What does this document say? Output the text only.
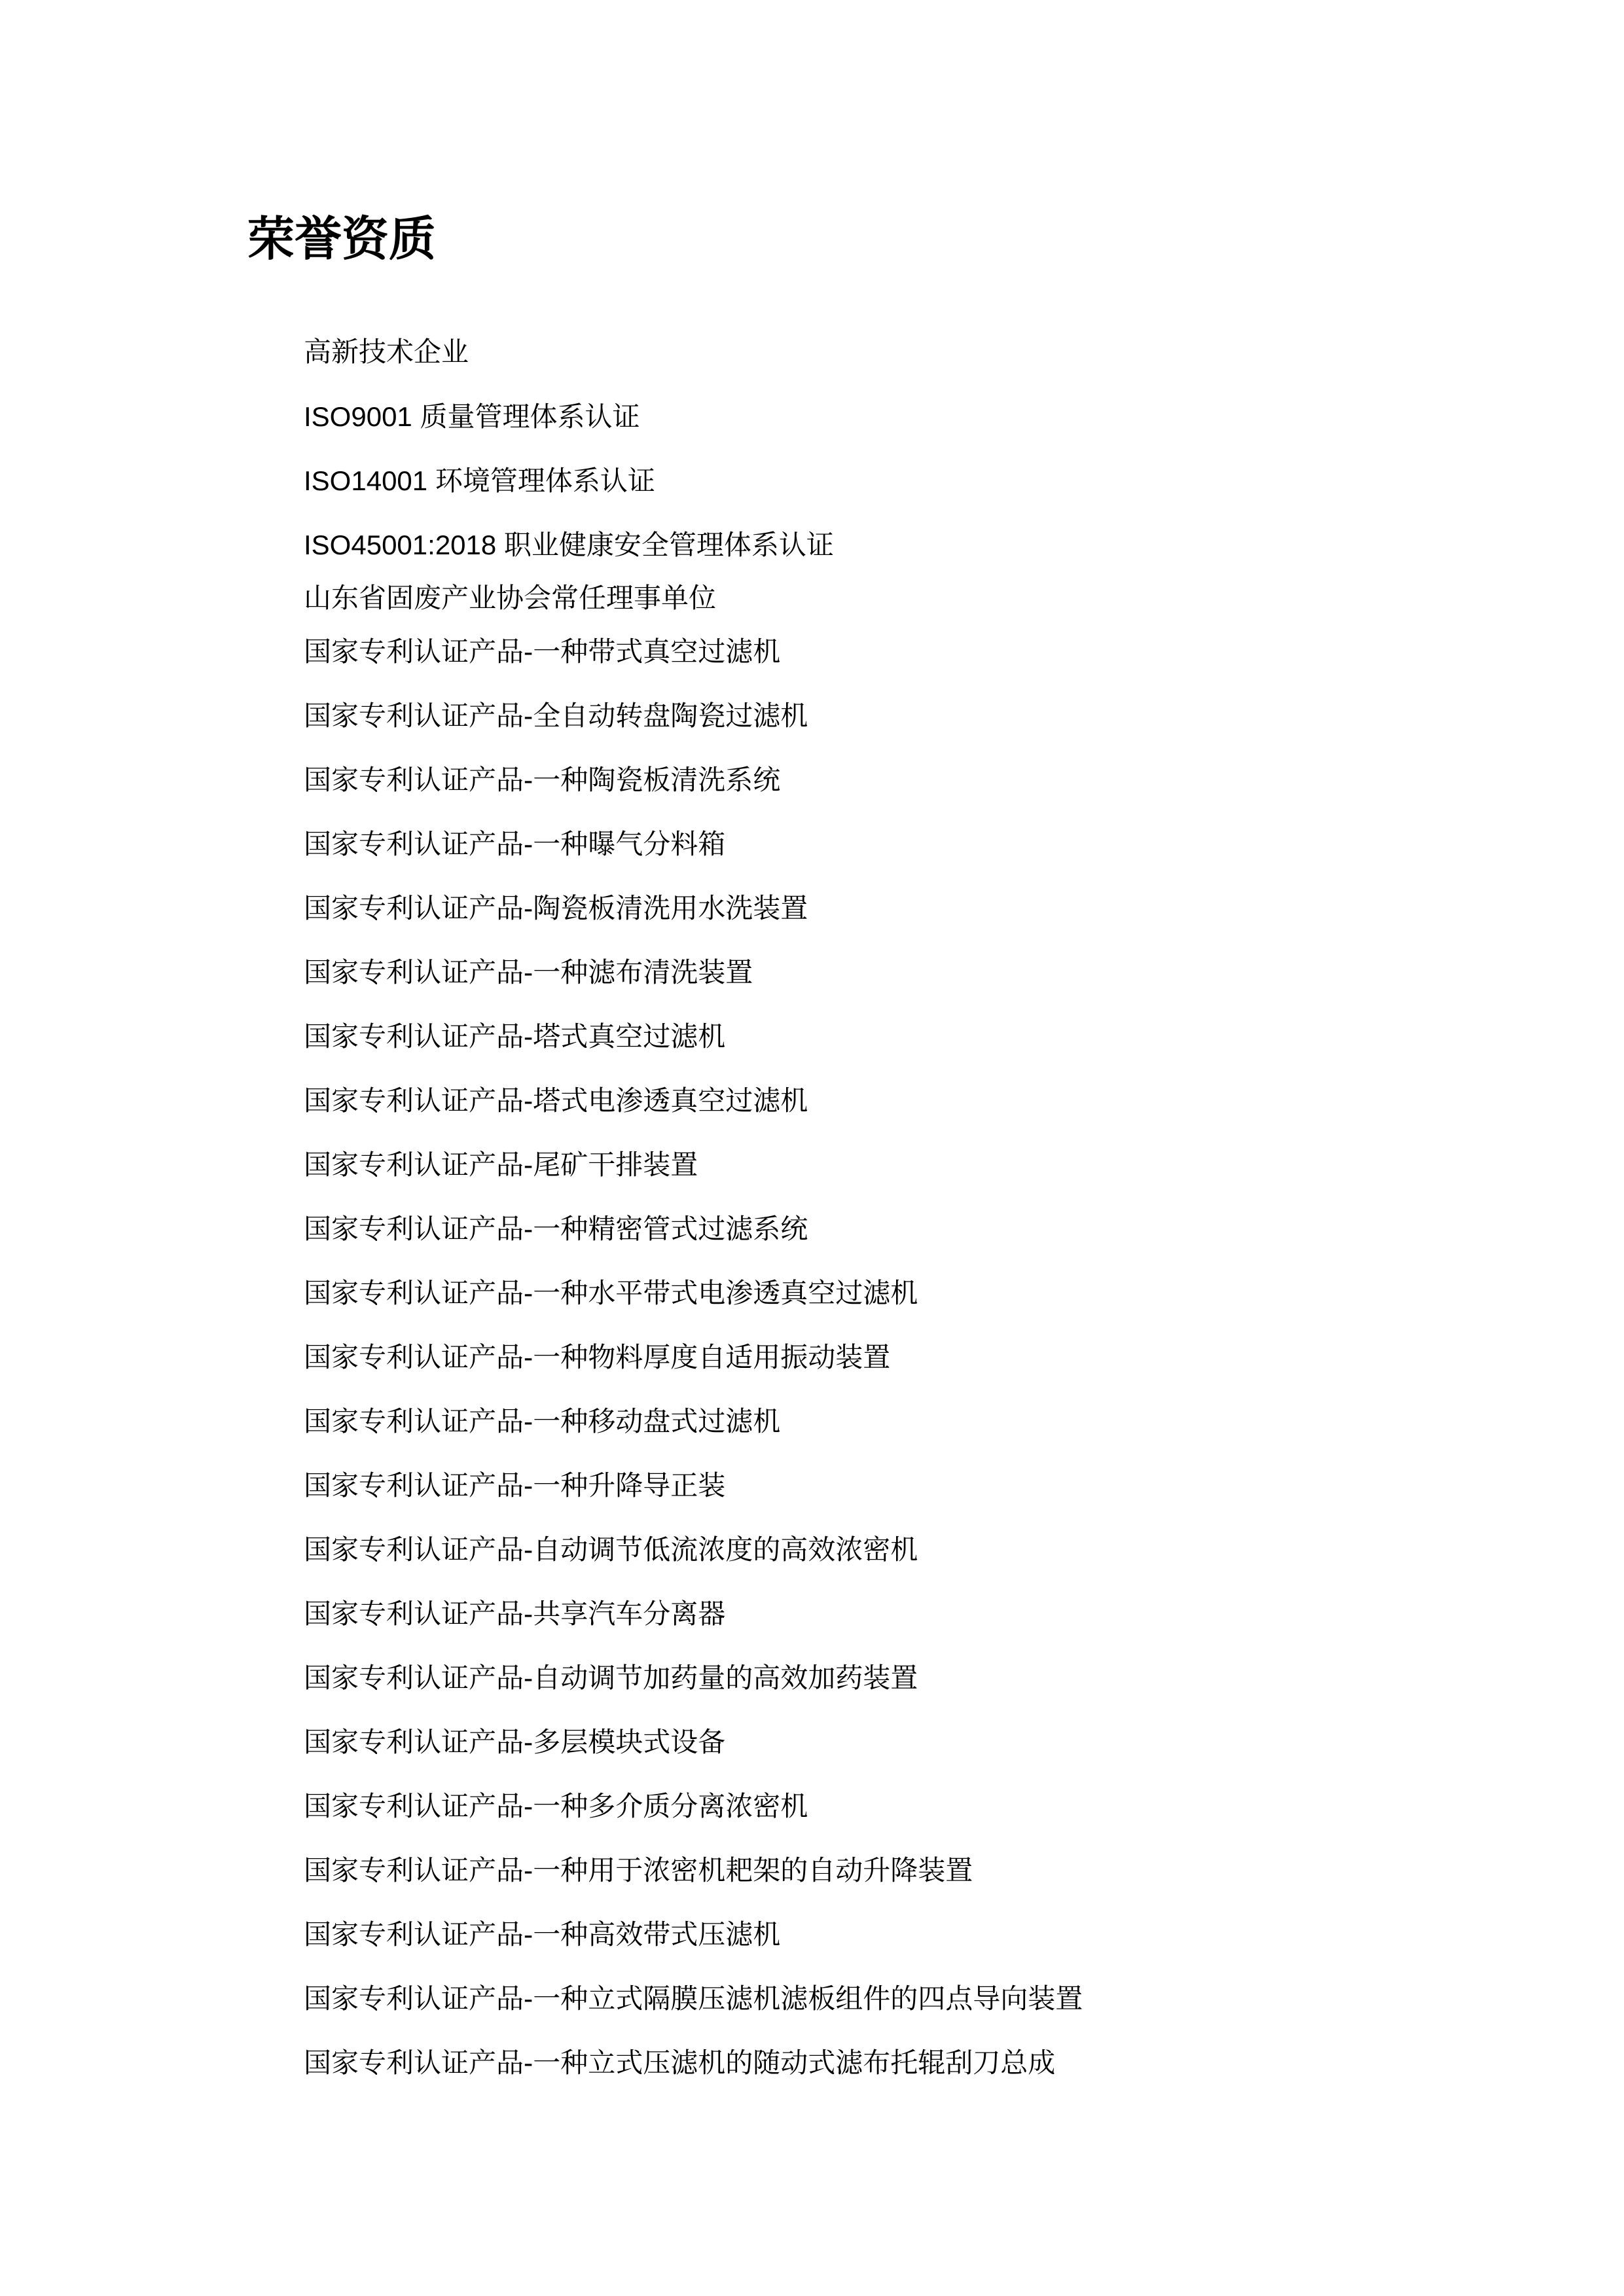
荣誉资质
高新技术企业
ISO9001 质量管理体系认证
ISO14001 环境管理体系认证
ISO45001:2018 职业健康安全管理体系认证
山东省固废产业协会常任理事单位
国家专利认证产品-一种带式真空过滤机
国家专利认证产品-全自动转盘陶瓷过滤机
国家专利认证产品-一种陶瓷板清洗系统
国家专利认证产品-一种曝气分料箱
国家专利认证产品-陶瓷板清洗用水洗装置
国家专利认证产品-一种滤布清洗装置
国家专利认证产品-塔式真空过滤机
国家专利认证产品-塔式电渗透真空过滤机
国家专利认证产品-尾矿干排装置
国家专利认证产品-一种精密管式过滤系统
国家专利认证产品-一种水平带式电渗透真空过滤机
国家专利认证产品-一种物料厚度自适用振动装置
国家专利认证产品-一种移动盘式过滤机
国家专利认证产品-一种升降导正装
国家专利认证产品-自动调节低流浓度的高效浓密机
国家专利认证产品-共享汽车分离器
国家专利认证产品-自动调节加药量的高效加药装置
国家专利认证产品-多层模块式设备
国家专利认证产品-一种多介质分离浓密机
国家专利认证产品-一种用于浓密机耙架的自动升降装置
国家专利认证产品-一种高效带式压滤机
国家专利认证产品-一种立式隔膜压滤机滤板组件的四点导向装置
国家专利认证产品-一种立式压滤机的随动式滤布托辊刮刀总成
